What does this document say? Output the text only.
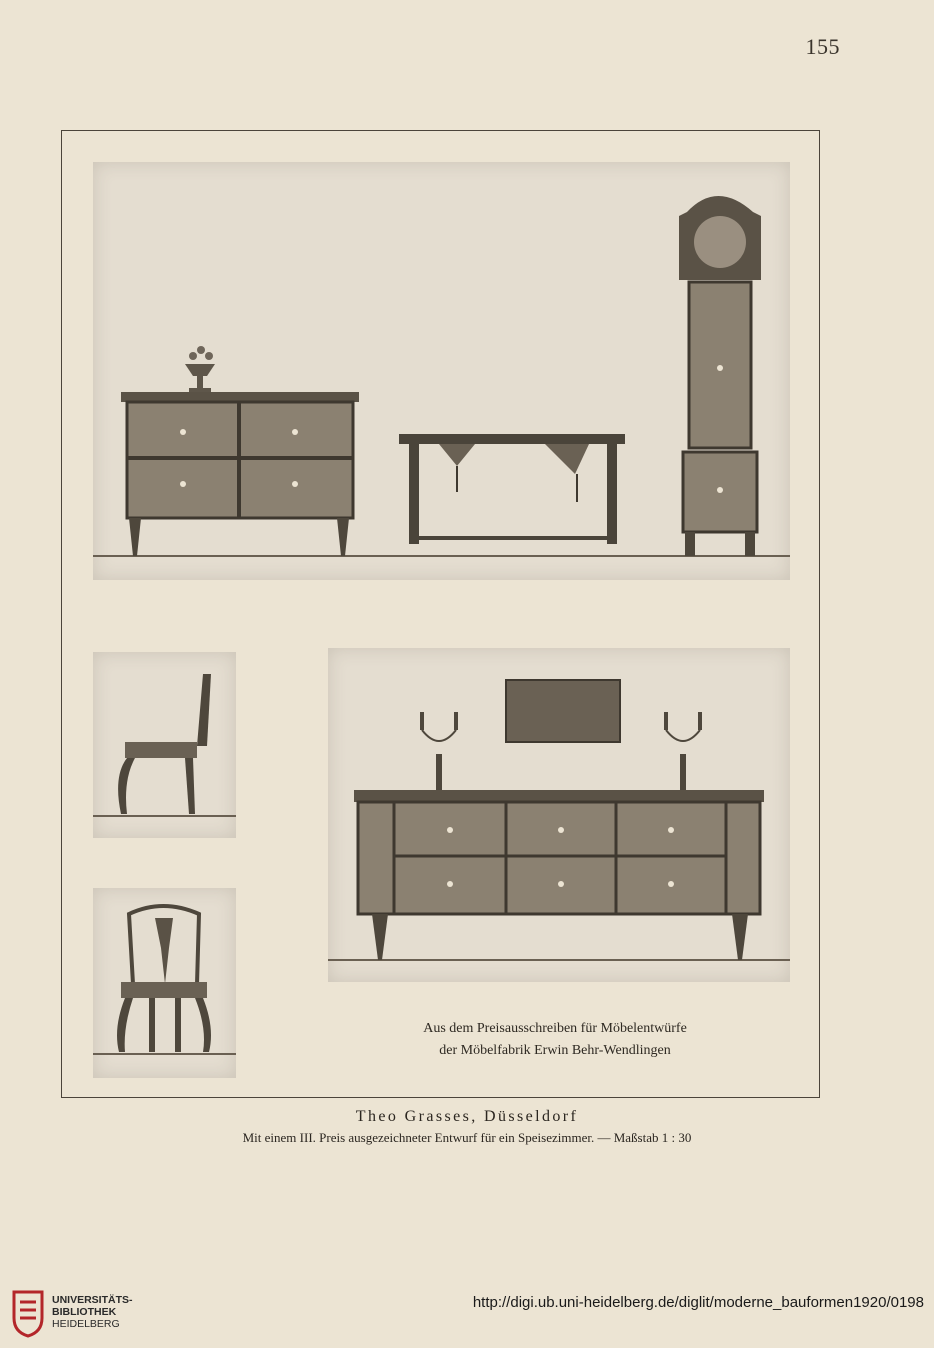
155
Aus dem Preisausschreiben für Möbelentwürfe
der Möbelfabrik Erwin Behr-Wendlingen
Theo Grasses, Düsseldorf
Mit einem III. Preis ausgezeichneter Entwurf für ein Speisezimmer. — Maßstab 1 : 30
UNIVERSITÄTS-
BIBLIOTHEK
HEIDELBERG
http://digi.ub.uni-heidelberg.de/diglit/moderne_bauformen1920/0198
